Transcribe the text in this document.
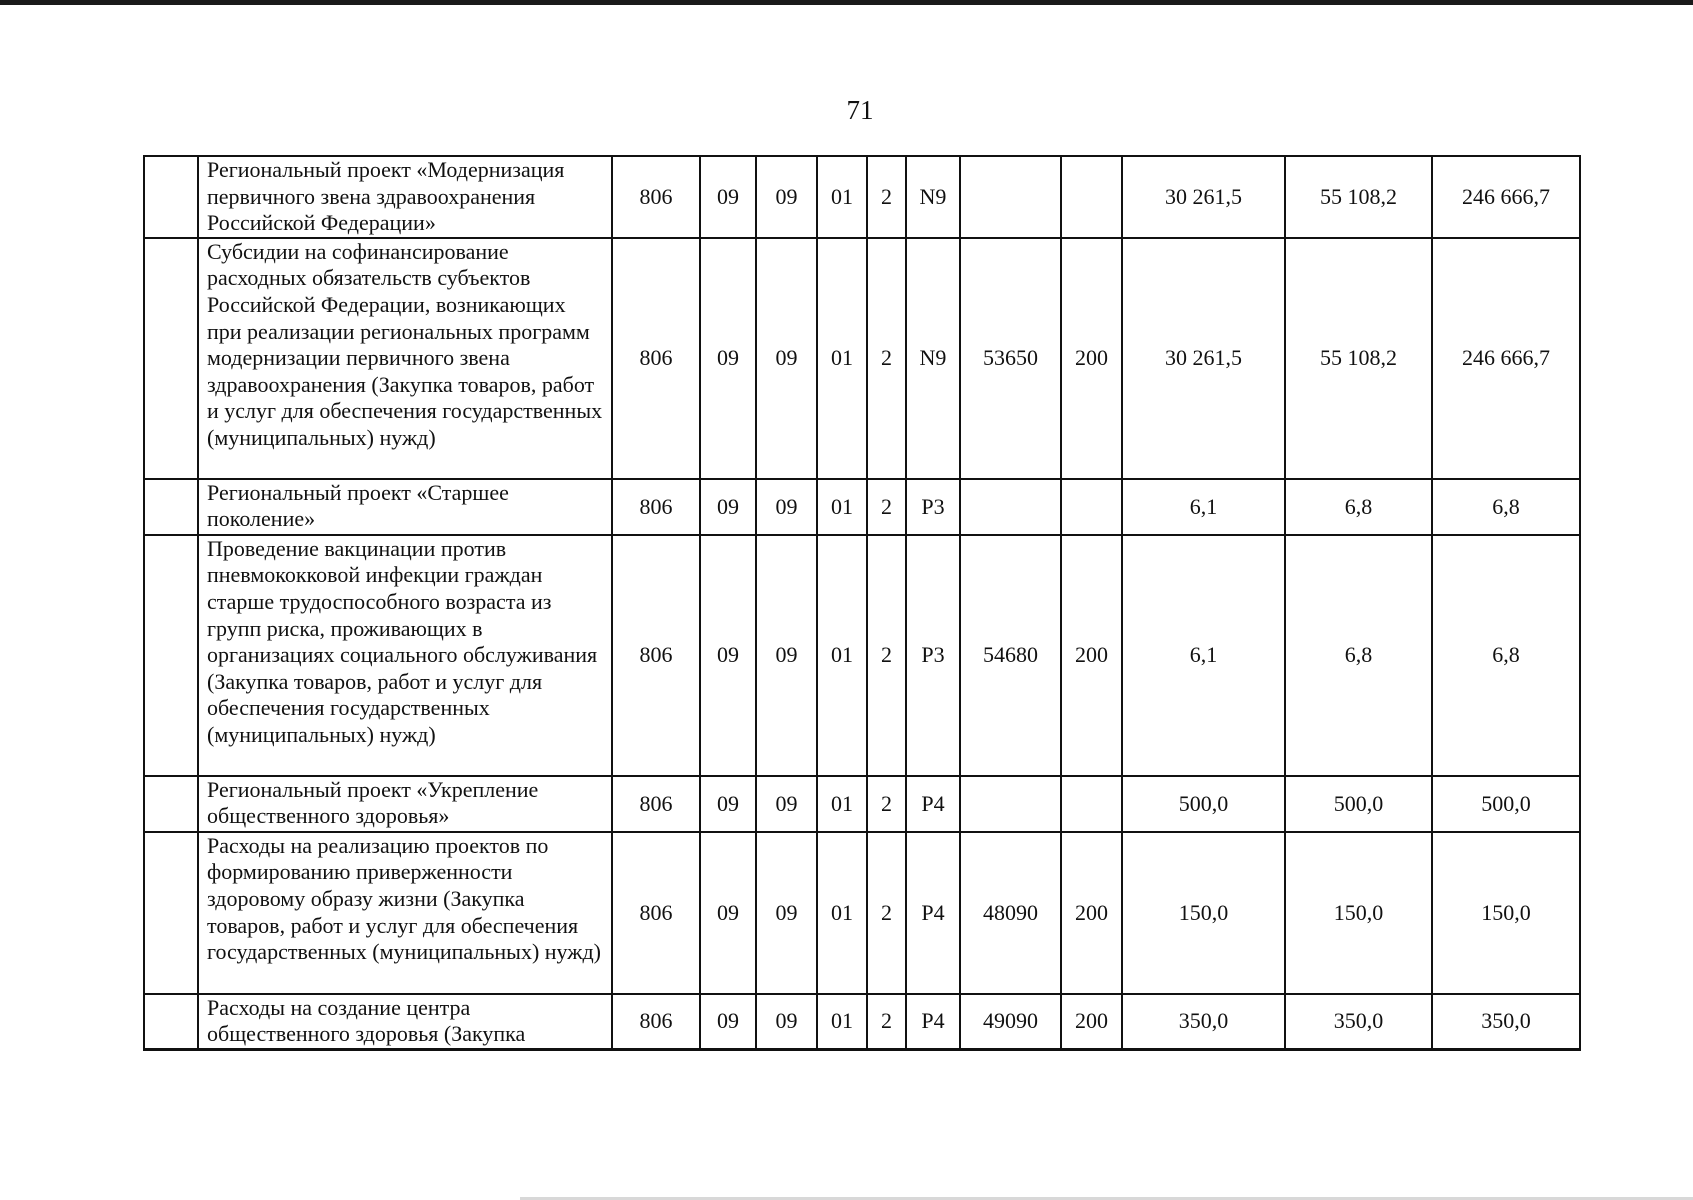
71
	Региональный проект «Модернизация первичного звена здравоохранения Российской Федерации»	806	09	09	01	2	N9			30 261,5	55 108,2	246 666,7
	Субсидии на софинансирование расходных обязательств субъектов Российской Федерации, возникающих при реализации региональных программ модернизации первичного звена здравоохранения (Закупка товаров, работ и услуг для обеспечения государственных (муниципальных) нужд)	806	09	09	01	2	N9	53650	200	30 261,5	55 108,2	246 666,7
	Региональный проект «Старшее поколение»	806	09	09	01	2	P3			6,1	6,8	6,8
	Проведение вакцинации против пневмококковой инфекции граждан старше трудоспособного возраста из групп риска, проживающих в организациях социального обслуживания (Закупка товаров, работ и услуг для обеспечения государственных (муниципальных) нужд)	806	09	09	01	2	P3	54680	200	6,1	6,8	6,8
	Региональный проект «Укрепление общественного здоровья»	806	09	09	01	2	P4			500,0	500,0	500,0
	Расходы на реализацию проектов по формированию приверженности здоровому образу жизни (Закупка товаров, работ и услуг для обеспечения государственных (муниципальных) нужд)	806	09	09	01	2	P4	48090	200	150,0	150,0	150,0
	Расходы на создание центра общественного здоровья (Закупка	806	09	09	01	2	P4	49090	200	350,0	350,0	350,0
